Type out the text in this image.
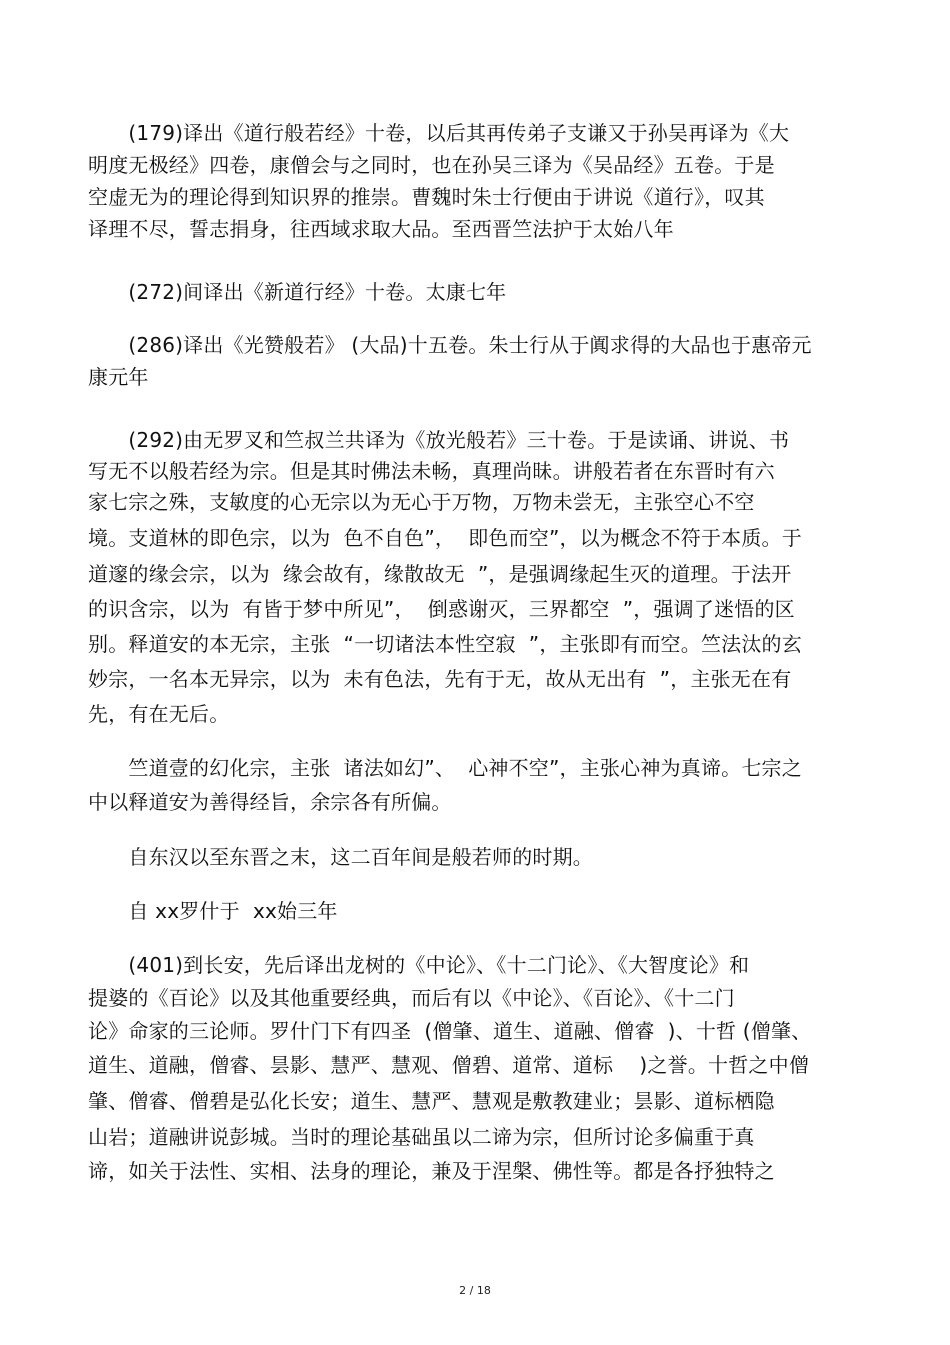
　　(179)译出《道行般若经》十卷，以后其再传弟子支谦又于孙吴再译为《大
明度无极经》四卷，康僧会与之同时，也在孙吴三译为《吴品经》五卷。于是
空虚无为的理论得到知识界的推崇。曹魏时朱士行便由于讲说《道行》，叹其
译理不尽，誓志捐身，往西域求取大品。至西晋竺法护于太始八年
　　(272)间译出《新道行经》十卷。太康七年
　　(286)译出《光赞般若》 (大品)十五卷。朱士行从于阗求得的大品也于惠帝元
康元年
　　(292)由无罗叉和竺叔兰共译为《放光般若》三十卷。于是读诵、讲说、书
写无不以般若经为宗。但是其时佛法未畅，真理尚昧。讲般若者在东晋时有六
家七宗之殊，支敏度的心无宗以为无心于万物，万物未尝无，主张空心不空
境。支道林的即色宗，以为  色不自色”，  即色而空”，以为概念不符于本质。于
道邃的缘会宗，以为  缘会故有，缘散故无  ”，是强调缘起生灭的道理。于法开
的识含宗，以为  有皆于梦中所见”，  倒惑谢灭，三界都空  ”，强调了迷悟的区
别。释道安的本无宗，主张  “一切诸法本性空寂  ”，主张即有而空。竺法汰的玄
妙宗，一名本无异宗，以为  未有色法，先有于无，故从无出有  ”，主张无在有
先，有在无后。
　　竺道壹的幻化宗，主张  诸法如幻”、  心神不空”，主张心神为真谛。七宗之
中以释道安为善得经旨，余宗各有所偏。
　　自东汉以至东晋之末，这二百年间是般若师的时期。
　　自 xx罗什于  xx始三年
　　(401)到长安，先后译出龙树的《中论》、《十二门论》、《大智度论》和
提婆的《百论》以及其他重要经典，而后有以《中论》、《百论》、《十二门
论》命家的三论师。罗什门下有四圣  (僧肇、道生、道融、僧睿  )、十哲 (僧肇、
道生、道融，僧睿、昙影、慧严、慧观、僧碧、道常、道标    )之誉。十哲之中僧
肇、僧睿、僧碧是弘化长安；道生、慧严、慧观是敷教建业；昙影、道标栖隐
山岩；道融讲说彭城。当时的理论基础虽以二谛为宗，但所讨论多偏重于真
谛，如关于法性、实相、法身的理论，兼及于涅槃、佛性等。都是各抒独特之
2 / 18
